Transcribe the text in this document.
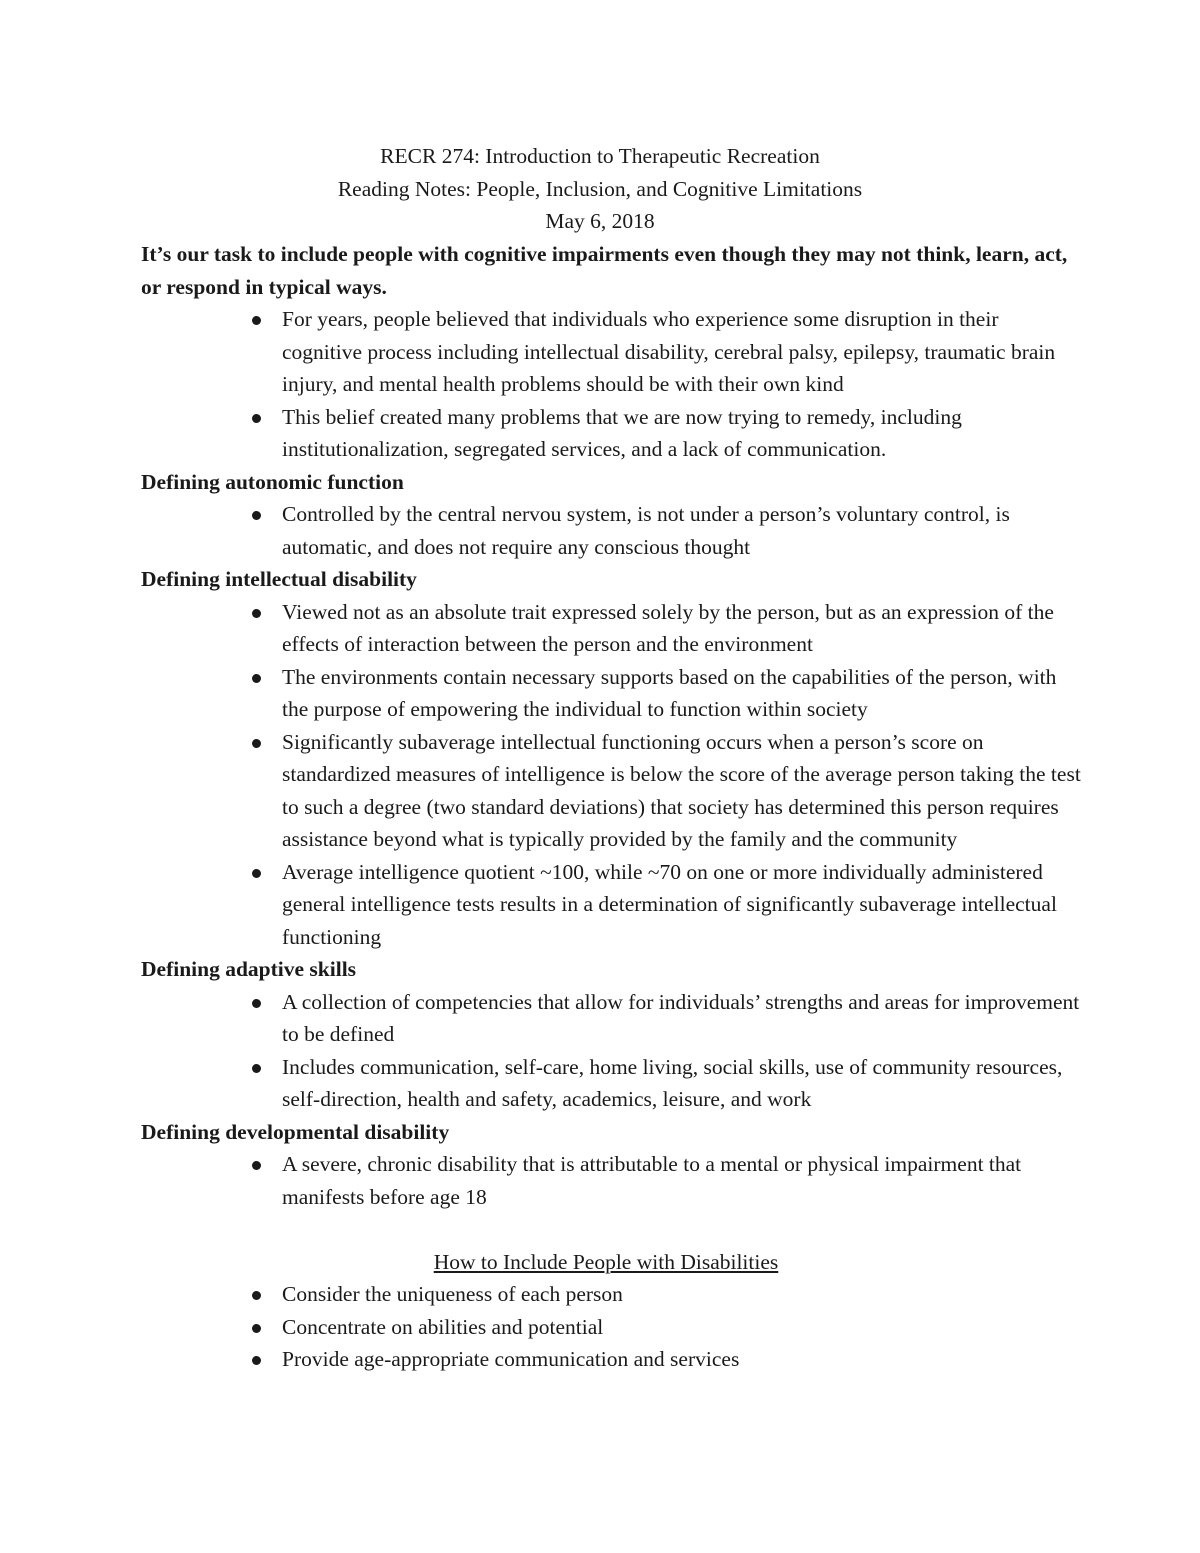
RECR 274: Introduction to Therapeutic Recreation
Reading Notes: People, Inclusion, and Cognitive Limitations
May 6, 2018

It’s our task to include people with cognitive impairments even though they may not think, learn, act, or respond in typical ways.

For years, people believed that individuals who experience some disruption in their cognitive process including intellectual disability, cerebral palsy, epilepsy, traumatic brain injury, and mental health problems should be with their own kind
This belief created many problems that we are now trying to remedy, including institutionalization, segregated services, and a lack of communication.

Defining autonomic function

Controlled by the central nervou system, is not under a person’s voluntary control, is automatic, and does not require any conscious thought

Defining intellectual disability

Viewed not as an absolute trait expressed solely by the person, but as an expression of the effects of interaction between the person and the environment
The environments contain necessary supports based on the capabilities of the person, with the purpose of empowering the individual to function within society
Significantly subaverage intellectual functioning occurs when a person’s score on standardized measures of intelligence is below the score of the average person taking the test to such a degree (two standard deviations) that society has determined this person requires assistance beyond what is typically provided by the family and the community
Average intelligence quotient ~100, while ~70 on one or more individually administered general intelligence tests results in a determination of significantly subaverage intellectual functioning

Defining adaptive skills

A collection of competencies that allow for individuals’ strengths and areas for improvement to be defined
Includes communication, self-care, home living, social skills, use of community resources, self-direction, health and safety, academics, leisure, and work

Defining developmental disability

A severe, chronic disability that is attributable to a mental or physical impairment that manifests before age 18

How to Include People with Disabilities

Consider the uniqueness of each person
Concentrate on abilities and potential
Provide age-appropriate communication and services
